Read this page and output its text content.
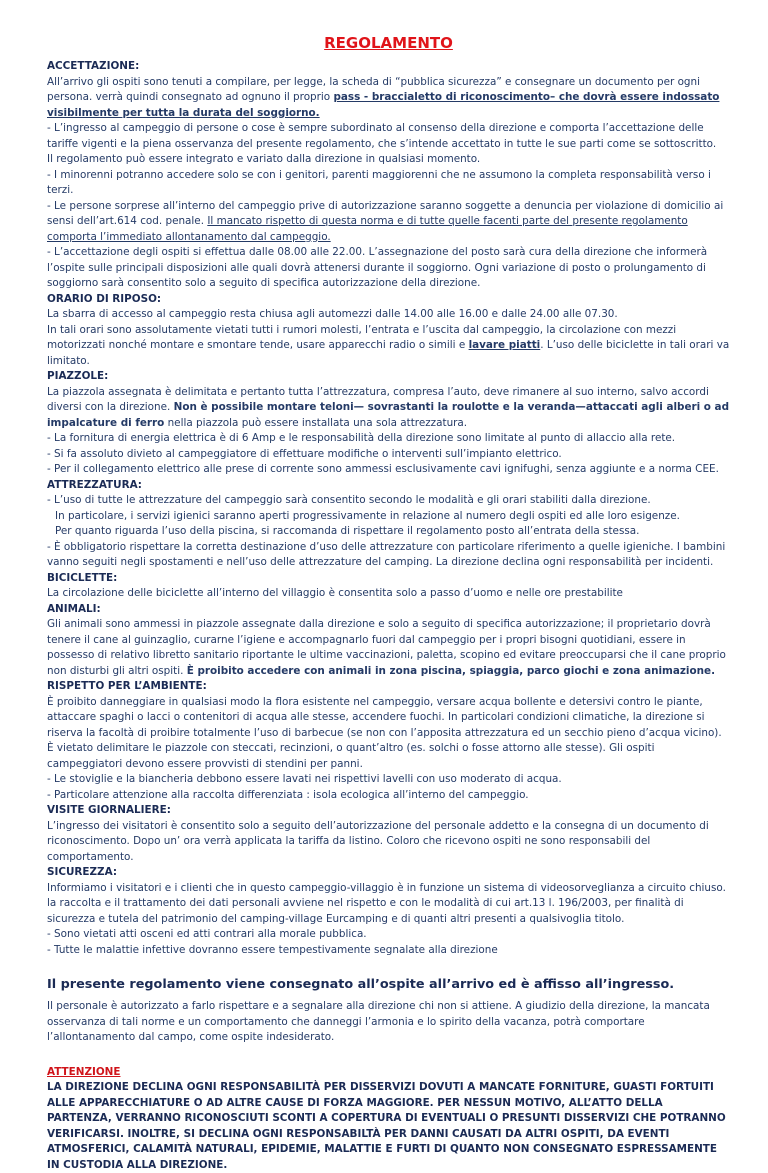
REGOLAMENTO

ACCETTAZIONE:

All’arrivo gli ospiti sono tenuti a compilare, per legge, la scheda di “pubblica sicurezza” e consegnare un documento per ogni persona. verrà quindi consegnato ad ognuno il proprio pass - braccialetto di riconoscimento– che dovrà essere indossato visibilmente per tutta la durata del soggiorno.

- L’ingresso al campeggio di persone o cose è sempre subordinato al consenso della direzione e comporta l’accettazione delle tariffe vigenti e la piena osservanza del presente regolamento, che s’intende accettato in tutte le sue parti come se sottoscritto.

Il regolamento può essere integrato e variato dalla direzione in qualsiasi momento.

- I minorenni potranno accedere solo se con i genitori, parenti maggiorenni che ne assumono la completa responsabilità verso i terzi.

- Le persone sorprese all’interno del campeggio prive di autorizzazione saranno soggette a denuncia per violazione di domicilio ai sensi dell’art.614 cod. penale. Il mancato rispetto di questa norma e di tutte quelle facenti parte del presente regolamento comporta l’immediato allontanamento dal campeggio.

- L’accettazione degli ospiti si effettua dalle 08.00 alle 22.00. L’assegnazione del posto sarà cura della direzione che informerà l’ospite sulle principali disposizioni alle quali dovrà attenersi durante il soggiorno. Ogni variazione di posto o prolungamento di soggiorno sarà consentito solo a seguito di specifica autorizzazione della direzione.

ORARIO DI RIPOSO:

La sbarra di accesso al campeggio resta chiusa agli automezzi dalle 14.00 alle 16.00 e dalle 24.00 alle 07.30.

In tali orari sono assolutamente vietati tutti i rumori molesti, l’entrata e l’uscita dal campeggio, la circolazione con mezzi motorizzati nonché montare e smontare tende, usare apparecchi radio o simili e lavare piatti. L’uso delle biciclette in tali orari va limitato.

PIAZZOLE:

La piazzola assegnata è delimitata e pertanto tutta l’attrezzatura, compresa l’auto, deve rimanere al suo interno, salvo accordi diversi con la direzione. Non è possibile montare teloni— sovrastanti la roulotte e la veranda—attaccati agli alberi o ad impalcature di ferro nella piazzola può essere installata una sola attrezzatura.

- La fornitura di energia elettrica è di 6 Amp e le responsabilità della direzione sono limitate al punto di allaccio alla rete.

- Si fa assoluto divieto al campeggiatore di effettuare modifiche o interventi sull’impianto elettrico.

- Per il collegamento elettrico alle prese di corrente sono ammessi esclusivamente cavi ignifughi, senza aggiunte e a norma CEE.

ATTREZZATURA:

- L’uso di tutte le attrezzature del campeggio sarà consentito secondo le modalità e gli orari stabiliti dalla direzione.

In particolare, i servizi igienici saranno aperti progressivamente in relazione al numero degli ospiti ed alle loro esigenze.

Per quanto riguarda l’uso della piscina, si raccomanda di rispettare il regolamento posto all’entrata della stessa.

- È obbligatorio rispettare la corretta destinazione d’uso delle attrezzature con particolare riferimento a quelle igieniche. I bambini vanno seguiti negli spostamenti e nell’uso delle attrezzature del camping. La direzione declina ogni responsabilità per incidenti.

BICICLETTE:

La circolazione delle biciclette all’interno del villaggio è consentita solo a passo d’uomo e nelle ore prestabilite

ANIMALI:

Gli animali sono ammessi in piazzole assegnate dalla direzione e solo a seguito di specifica autorizzazione; il proprietario dovrà tenere il cane al guinzaglio, curarne l’igiene e accompagnarlo fuori dal campeggio per i propri bisogni quotidiani, essere in possesso di relativo libretto sanitario riportante le ultime vaccinazioni, paletta, scopino ed evitare preoccuparsi che il cane proprio non disturbi gli altri ospiti. È proibito accedere con animali in zona piscina, spiaggia, parco giochi e zona animazione.

RISPETTO PER L’AMBIENTE:

È proibito danneggiare in qualsiasi modo la flora esistente nel campeggio, versare acqua bollente e detersivi contro le piante, attaccare spaghi o lacci o contenitori di acqua alle stesse, accendere fuochi. In particolari condizioni climatiche, la direzione si riserva la facoltà di proibire totalmente l’uso di barbecue (se non con l’apposita attrezzatura ed un secchio pieno d’acqua vicino). È vietato delimitare le piazzole con steccati, recinzioni, o quant’altro (es. solchi o fosse attorno alle stesse). Gli ospiti campeggiatori devono essere provvisti di stendini per panni.

- Le stoviglie e la biancheria debbono essere lavati nei rispettivi lavelli con uso moderato di acqua.

- Particolare attenzione alla raccolta differenziata : isola ecologica all’interno del campeggio.

VISITE GIORNALIERE:

L’ingresso dei visitatori è consentito solo a seguito dell’autorizzazione del personale addetto e la consegna di un documento di riconoscimento. Dopo un’ ora verrà applicata la tariffa da listino. Coloro che ricevono ospiti ne sono responsabili del comportamento.

SICUREZZA:

Informiamo i visitatori e i clienti che in questo campeggio-villaggio è in funzione un sistema di videosorveglianza a circuito chiuso. la raccolta e il trattamento dei dati personali avviene nel rispetto e con le modalità di cui art.13 l. 196/2003, per finalità di sicurezza e tutela del patrimonio del camping-village Eurcamping e di quanti altri presenti a qualsivoglia titolo.

- Sono vietati atti osceni ed atti contrari alla morale pubblica.

- Tutte le malattie infettive dovranno essere tempestivamente segnalate alla direzione

Il presente regolamento viene consegnato all’ospite all’arrivo ed è affisso all’ingresso.

Il personale è autorizzato a farlo rispettare e a segnalare alla direzione chi non si attiene. A giudizio della direzione, la mancata osservanza di tali norme e un comportamento che danneggi l’armonia e lo spirito della vacanza, potrà comportare l’allontanamento dal campo, come ospite indesiderato.

ATTENZIONE

LA DIREZIONE DECLINA OGNI RESPONSABILITÀ PER DISSERVIZI DOVUTI A MANCATE FORNITURE, GUASTI FORTUITI ALLE APPARECCHIATURE O AD ALTRE CAUSE DI FORZA MAGGIORE. PER NESSUN MOTIVO, ALL’ATTO DELLA PARTENZA, VERRANNO RICONOSCIUTI SCONTI A COPERTURA DI EVENTUALI O PRESUNTI DISSERVIZI CHE POTRANNO VERIFICARSI. INOLTRE, SI DECLINA OGNI RESPONSABILTÀ PER DANNI CAUSATI DA ALTRI OSPITI, DA EVENTI ATMOSFERICI, CALAMITÀ NATURALI, EPIDEMIE, MALATTIE E FURTI DI QUANTO NON CONSEGNATO ESPRESSAMENTE IN CUSTODIA ALLA DIREZIONE.
